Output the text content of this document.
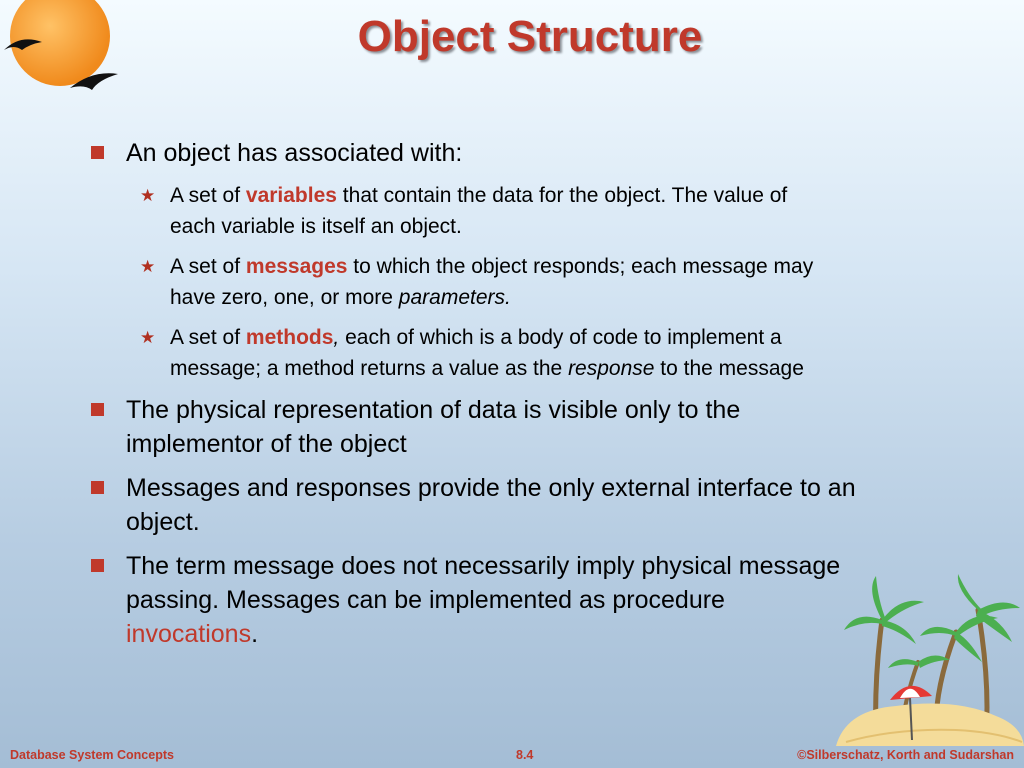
Object Structure
An object has associated with:
★ A set of variables that contain the data for the object. The value of
each variable is itself an object.
★ A set of messages to which the object responds; each message may
have zero, one, or more parameters.
★ A set of methods, each of which is a body of code to implement a
message; a method returns a value as the response to the message
The physical representation of data is visible only to the
implementor of the object
Messages and responses provide the only external interface to an
object.
The term message does not necessarily imply physical message
passing. Messages can be implemented as procedure
invocations.
Database System Concepts	8.4	©Silberschatz, Korth and Sudarshan
